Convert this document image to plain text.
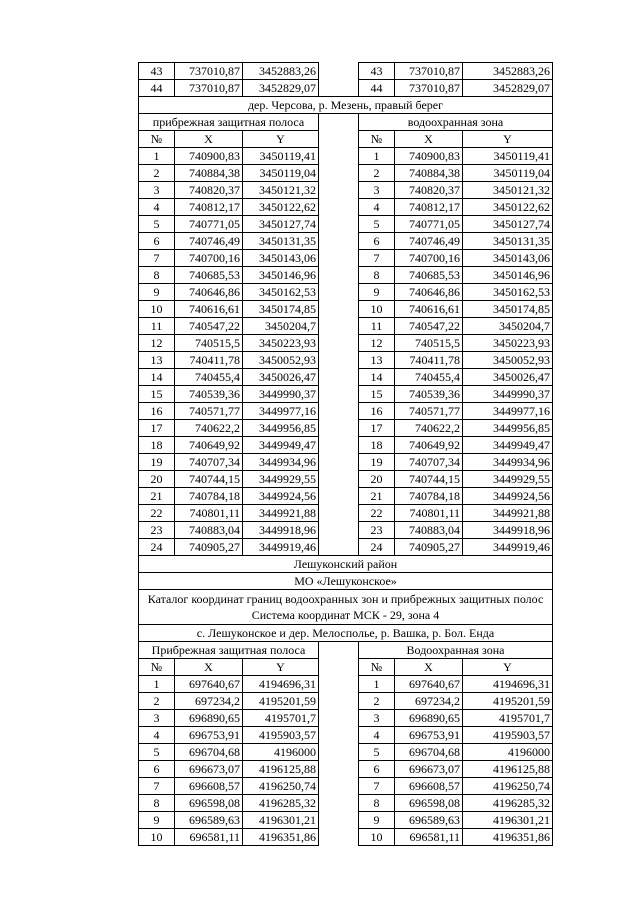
43	737010,87	3452883,26		43	737010,87	3452883,26
44	737010,87	3452829,07		44	737010,87	3452829,07
дер. Черсова, р. Мезень, правый берег						
прибрежная защитная полоса				водоохранная зона		
№	X	Y		№	X	Y
1	740900,83	3450119,41		1	740900,83	3450119,41
2	740884,38	3450119,04		2	740884,38	3450119,04
3	740820,37	3450121,32		3	740820,37	3450121,32
4	740812,17	3450122,62		4	740812,17	3450122,62
5	740771,05	3450127,74		5	740771,05	3450127,74
6	740746,49	3450131,35		6	740746,49	3450131,35
7	740700,16	3450143,06		7	740700,16	3450143,06
8	740685,53	3450146,96		8	740685,53	3450146,96
9	740646,86	3450162,53		9	740646,86	3450162,53
10	740616,61	3450174,85		10	740616,61	3450174,85
11	740547,22	3450204,7		11	740547,22	3450204,7
12	740515,5	3450223,93		12	740515,5	3450223,93
13	740411,78	3450052,93		13	740411,78	3450052,93
14	740455,4	3450026,47		14	740455,4	3450026,47
15	740539,36	3449990,37		15	740539,36	3449990,37
16	740571,77	3449977,16		16	740571,77	3449977,16
17	740622,2	3449956,85		17	740622,2	3449956,85
18	740649,92	3449949,47		18	740649,92	3449949,47
19	740707,34	3449934,96		19	740707,34	3449934,96
20	740744,15	3449929,55		20	740744,15	3449929,55
21	740784,18	3449924,56		21	740784,18	3449924,56
22	740801,11	3449921,88		22	740801,11	3449921,88
23	740883,04	3449918,96		23	740883,04	3449918,96
24	740905,27	3449919,46		24	740905,27	3449919,46
Лешуконский район						
МО «Лешуконское»						
Каталог координат границ водоохранных зон и прибрежных защитных полос Система координат МСК - 29, зона 4						
с. Лешуконское и дер. Мелосполье, р. Вашка, р. Бол. Енда						
Прибрежная защитная полоса				Водоохранная зона		
№	X	Y		№	X	Y
1	697640,67	4194696,31		1	697640,67	4194696,31
2	697234,2	4195201,59		2	697234,2	4195201,59
3	696890,65	4195701,7		3	696890,65	4195701,7
4	696753,91	4195903,57		4	696753,91	4195903,57
5	696704,68	4196000		5	696704,68	4196000
6	696673,07	4196125,88		6	696673,07	4196125,88
7	696608,57	4196250,74		7	696608,57	4196250,74
8	696598,08	4196285,32		8	696598,08	4196285,32
9	696589,63	4196301,21		9	696589,63	4196301,21
10	696581,11	4196351,86		10	696581,11	4196351,86
